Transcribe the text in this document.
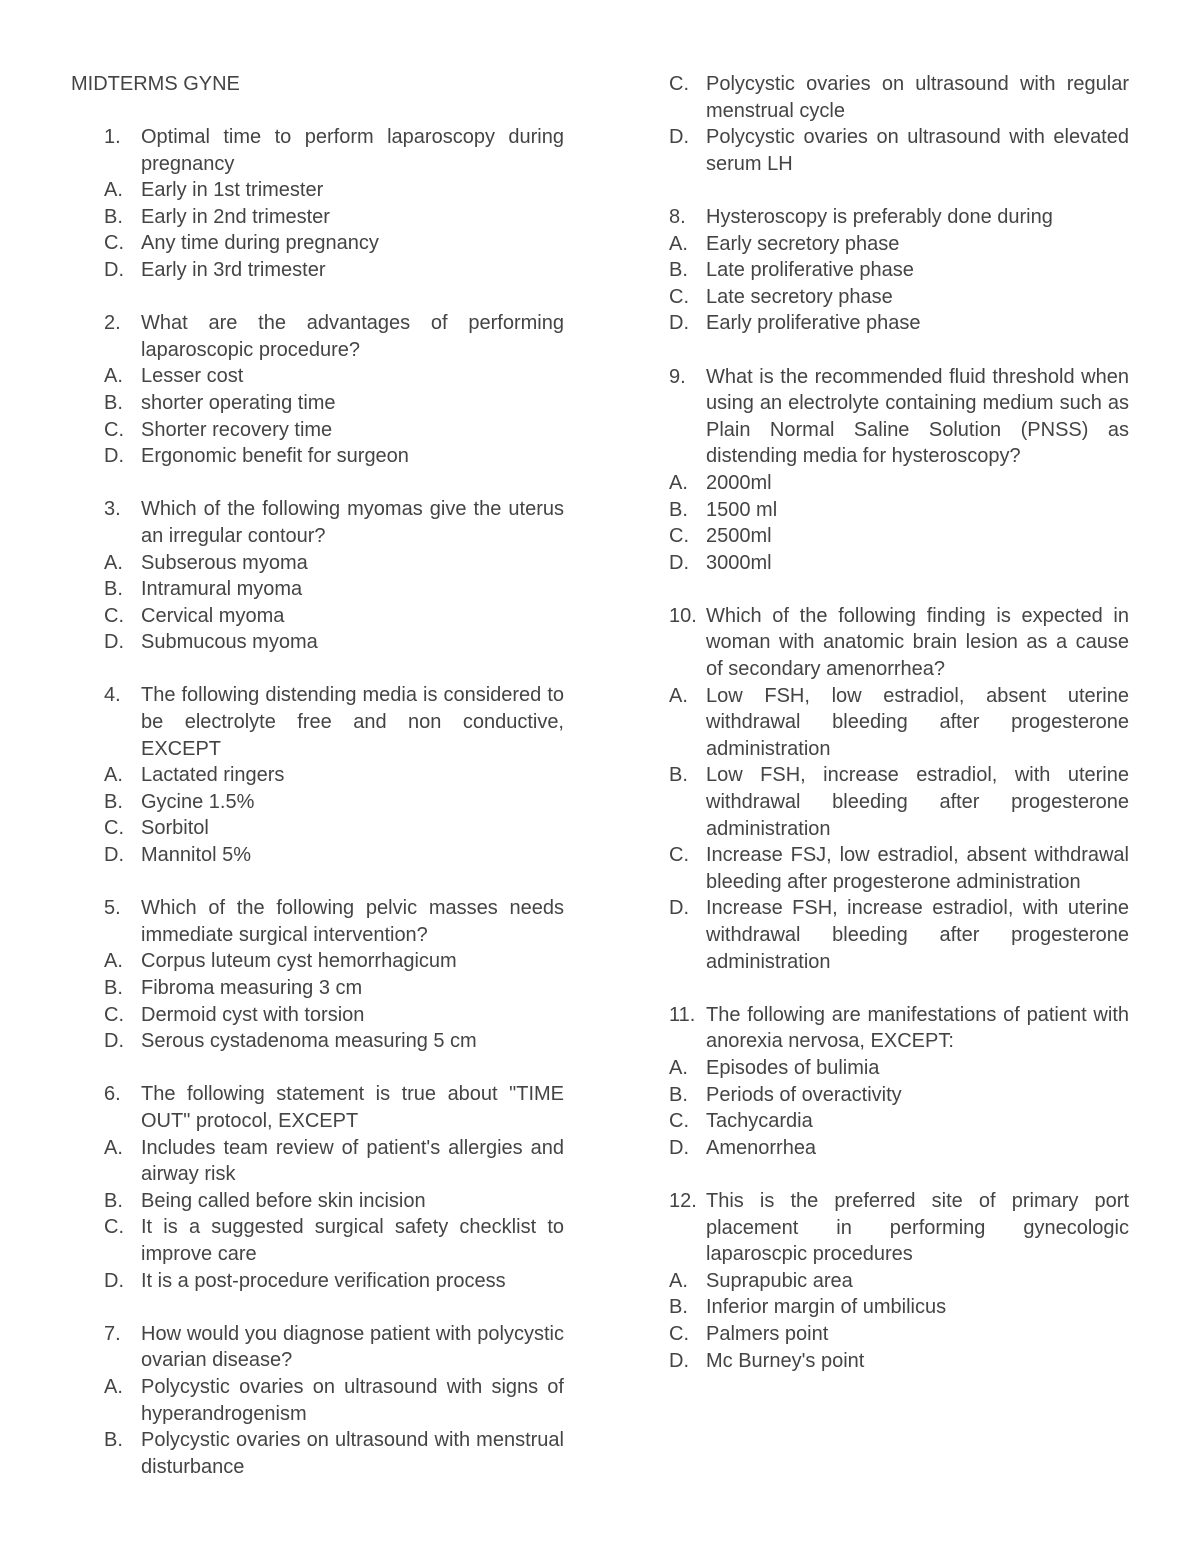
MIDTERMS GYNE
1. Optimal time to perform laparoscopy during pregnancy
A. Early in 1st trimester
B. Early in 2nd trimester
C. Any time during pregnancy
D. Early in 3rd trimester
2. What are the advantages of performing laparoscopic procedure?
A. Lesser cost
B. shorter operating time
C. Shorter recovery time
D. Ergonomic benefit for surgeon
3. Which of the following myomas give the uterus an irregular contour?
A. Subserous myoma
B. Intramural myoma
C. Cervical myoma
D. Submucous myoma
4. The following distending media is considered to be electrolyte free and non conductive, EXCEPT
A. Lactated ringers
B. Gycine 1.5%
C. Sorbitol
D. Mannitol 5%
5. Which of the following pelvic masses needs immediate surgical intervention?
A. Corpus luteum cyst hemorrhagicum
B. Fibroma measuring 3 cm
C. Dermoid cyst with torsion
D. Serous cystadenoma measuring 5 cm
6. The following statement is true about "TIME OUT" protocol, EXCEPT
A. Includes team review of patient's allergies and airway risk
B. Being called before skin incision
C. It is a suggested surgical safety checklist to improve care
D. It is a post-procedure verification process
7. How would you diagnose patient with polycystic ovarian disease?
A. Polycystic ovaries on ultrasound with signs of hyperandrogenism
B. Polycystic ovaries on ultrasound with menstrual disturbance
C. Polycystic ovaries on ultrasound with regular menstrual cycle
D. Polycystic ovaries on ultrasound with elevated serum LH
8. Hysteroscopy is preferably done during
A. Early secretory phase
B. Late proliferative phase
C. Late secretory phase
D. Early proliferative phase
9. What is the recommended fluid threshold when using an electrolyte containing medium such as Plain Normal Saline Solution (PNSS) as distending media for hysteroscopy?
A. 2000ml
B. 1500 ml
C. 2500ml
D. 3000ml
10. Which of the following finding is expected in woman with anatomic brain lesion as a cause of secondary amenorrhea?
A. Low FSH, low estradiol, absent uterine withdrawal bleeding after progesterone administration
B. Low FSH, increase estradiol, with uterine withdrawal bleeding after progesterone administration
C. Increase FSJ, low estradiol, absent withdrawal bleeding after progesterone administration
D. Increase FSH, increase estradiol, with uterine withdrawal bleeding after progesterone administration
11. The following are manifestations of patient with anorexia nervosa, EXCEPT:
A. Episodes of bulimia
B. Periods of overactivity
C. Tachycardia
D. Amenorrhea
12. This is the preferred site of primary port placement in performing gynecologic laparoscpic procedures
A. Suprapubic area
B. Inferior margin of umbilicus
C. Palmers point
D. Mc Burney's point
